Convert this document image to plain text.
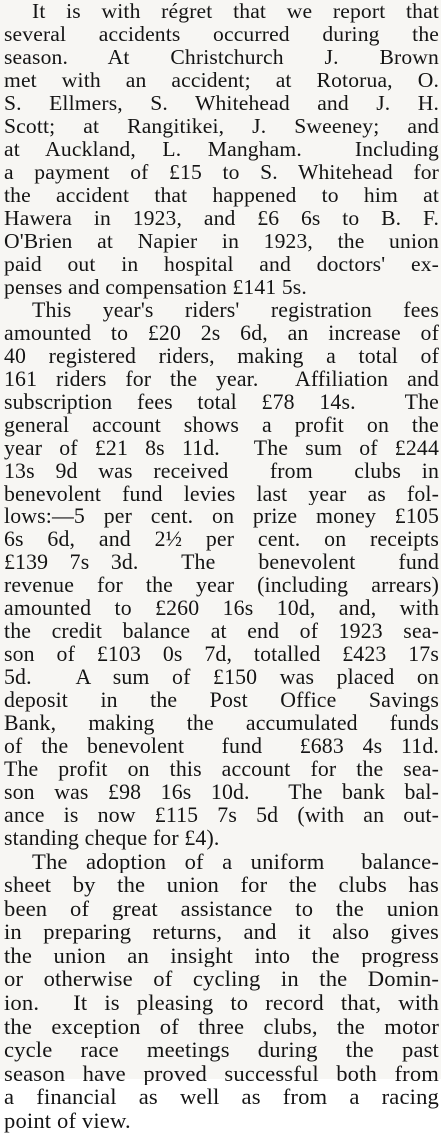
It is with régret that we report that
several accidents occurred during the
season.  At  Christchurch  J.  Brown
met with an accident; at Rotorua, O.
S. Ellmers, S. Whitehead and J. H.
Scott; at Rangitikei, J. Sweeney; and
at Auckland, L. Mangham.  Including
a payment of £15 to S. Whitehead for
the accident that happened to him at
Hawera in 1923, and £6 6s to B. F.
O'Brien at Napier in 1923, the union
paid out in hospital and doctors' ex-
penses and compensation £141 5s.
This year's riders' registration fees
amounted to £20 2s 6d, an increase of
40 registered riders, making a total of
161 riders for the year.  Affiliation and
subscription fees total £78 14s.  The
general account shows a profit on the
year of £21 8s 11d.  The sum of £244
13s 9d was received  from  clubs in
benevolent fund levies last year as fol-
lows:—5 per cent. on prize money £105
6s 6d, and 2½ per cent. on receipts
£139 7s 3d.  The  benevolent  fund
revenue for the year (including arrears)
amounted to £260 16s 10d, and, with
the credit balance at end of 1923 sea-
son of £103 0s 7d, totalled £423 17s
5d.  A sum of £150 was placed on
deposit in the Post Office Savings
Bank, making the accumulated funds
of the benevolent  fund  £683 4s 11d.
The profit on this account for the sea-
son was £98 16s 10d.  The bank bal-
ance is now £115 7s 5d (with an out-
standing cheque for £4).
The adoption of a uniform  balance-
sheet by the union for the clubs has
been of great assistance to the union
in preparing returns, and it also gives
the union an insight into the progress
or otherwise of cycling in the Domin-
ion.  It is pleasing to record that, with
the exception of three clubs, the motor
cycle race meetings during the past
season have proved successful both from
a financial as well as from a racing
point of view.
